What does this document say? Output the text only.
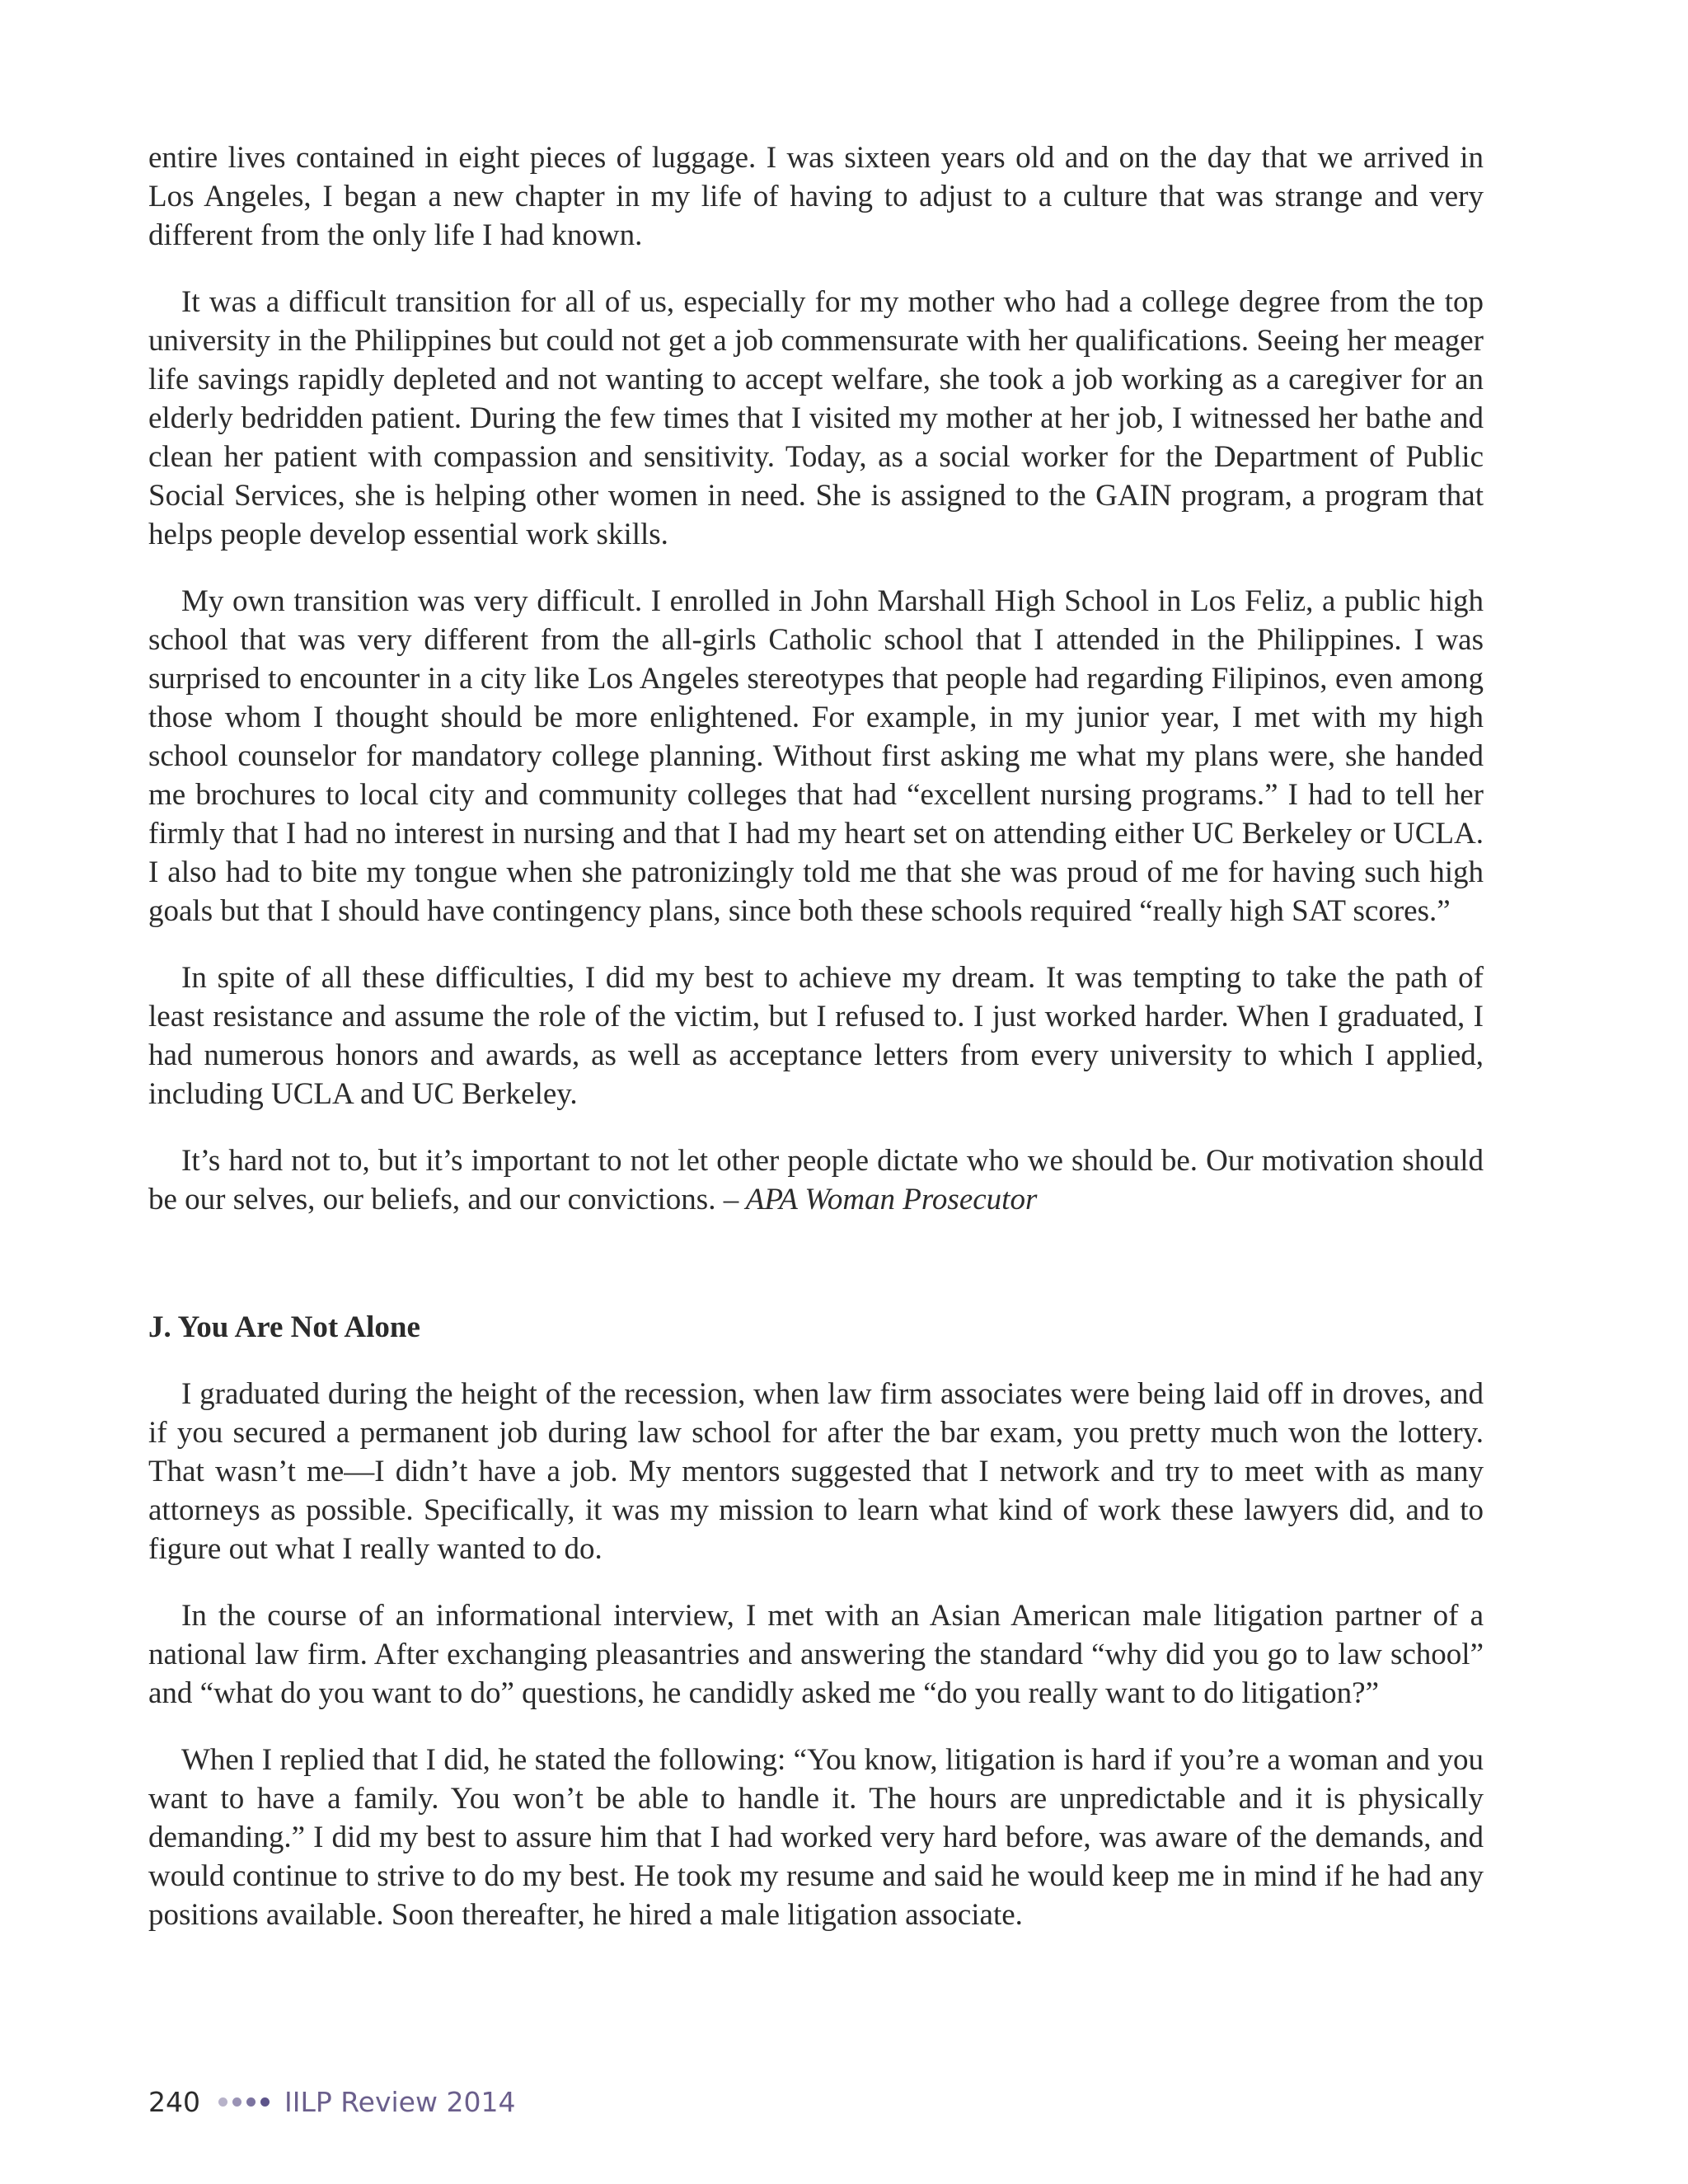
entire lives contained in eight pieces of luggage. I was sixteen years old and on the day that we arrived in Los Angeles, I began a new chapter in my life of having to adjust to a culture that was strange and very different from the only life I had known.

It was a difficult transition for all of us, especially for my mother who had a college degree from the top university in the Philippines but could not get a job commensurate with her qualifications. Seeing her meager life savings rapidly depleted and not wanting to accept welfare, she took a job working as a caregiver for an elderly bedridden patient. During the few times that I visited my mother at her job, I witnessed her bathe and clean her patient with compassion and sensitivity. Today, as a social worker for the Department of Public Social Services, she is helping other women in need. She is assigned to the GAIN program, a program that helps people develop essential work skills.

My own transition was very difficult. I enrolled in John Marshall High School in Los Feliz, a public high school that was very different from the all-girls Catholic school that I attended in the Philippines. I was surprised to encounter in a city like Los Angeles stereotypes that people had regarding Filipinos, even among those whom I thought should be more enlightened. For example, in my junior year, I met with my high school counselor for mandatory college planning. Without first asking me what my plans were, she handed me brochures to local city and community colleges that had “excellent nursing programs.” I had to tell her firmly that I had no interest in nursing and that I had my heart set on attending either UC Berkeley or UCLA. I also had to bite my tongue when she patronizingly told me that she was proud of me for having such high goals but that I should have contingency plans, since both these schools required “really high SAT scores.”

In spite of all these difficulties, I did my best to achieve my dream. It was tempting to take the path of least resistance and assume the role of the victim, but I refused to. I just worked harder. When I graduated, I had numerous honors and awards, as well as acceptance letters from every university to which I applied, including UCLA and UC Berkeley.

It’s hard not to, but it’s important to not let other people dictate who we should be. Our motivation should be our selves, our beliefs, and our convictions. – APA Woman Prosecutor

J. You Are Not Alone

I graduated during the height of the recession, when law firm associates were being laid off in droves, and if you secured a permanent job during law school for after the bar exam, you pretty much won the lottery. That wasn’t me—I didn’t have a job. My mentors suggested that I network and try to meet with as many attorneys as possible. Specifically, it was my mission to learn what kind of work these lawyers did, and to figure out what I really wanted to do.

In the course of an informational interview, I met with an Asian American male litigation partner of a national law firm. After exchanging pleasantries and answering the standard “why did you go to law school” and “what do you want to do” questions, he candidly asked me “do you really want to do litigation?”

When I replied that I did, he stated the following: “You know, litigation is hard if you’re a woman and you want to have a family. You won’t be able to handle it. The hours are unpredictable and it is physically demanding.” I did my best to assure him that I had worked very hard before, was aware of the demands, and would continue to strive to do my best. He took my resume and said he would keep me in mind if he had any positions available. Soon thereafter, he hired a male litigation associate.

240	IILP Review 2014
